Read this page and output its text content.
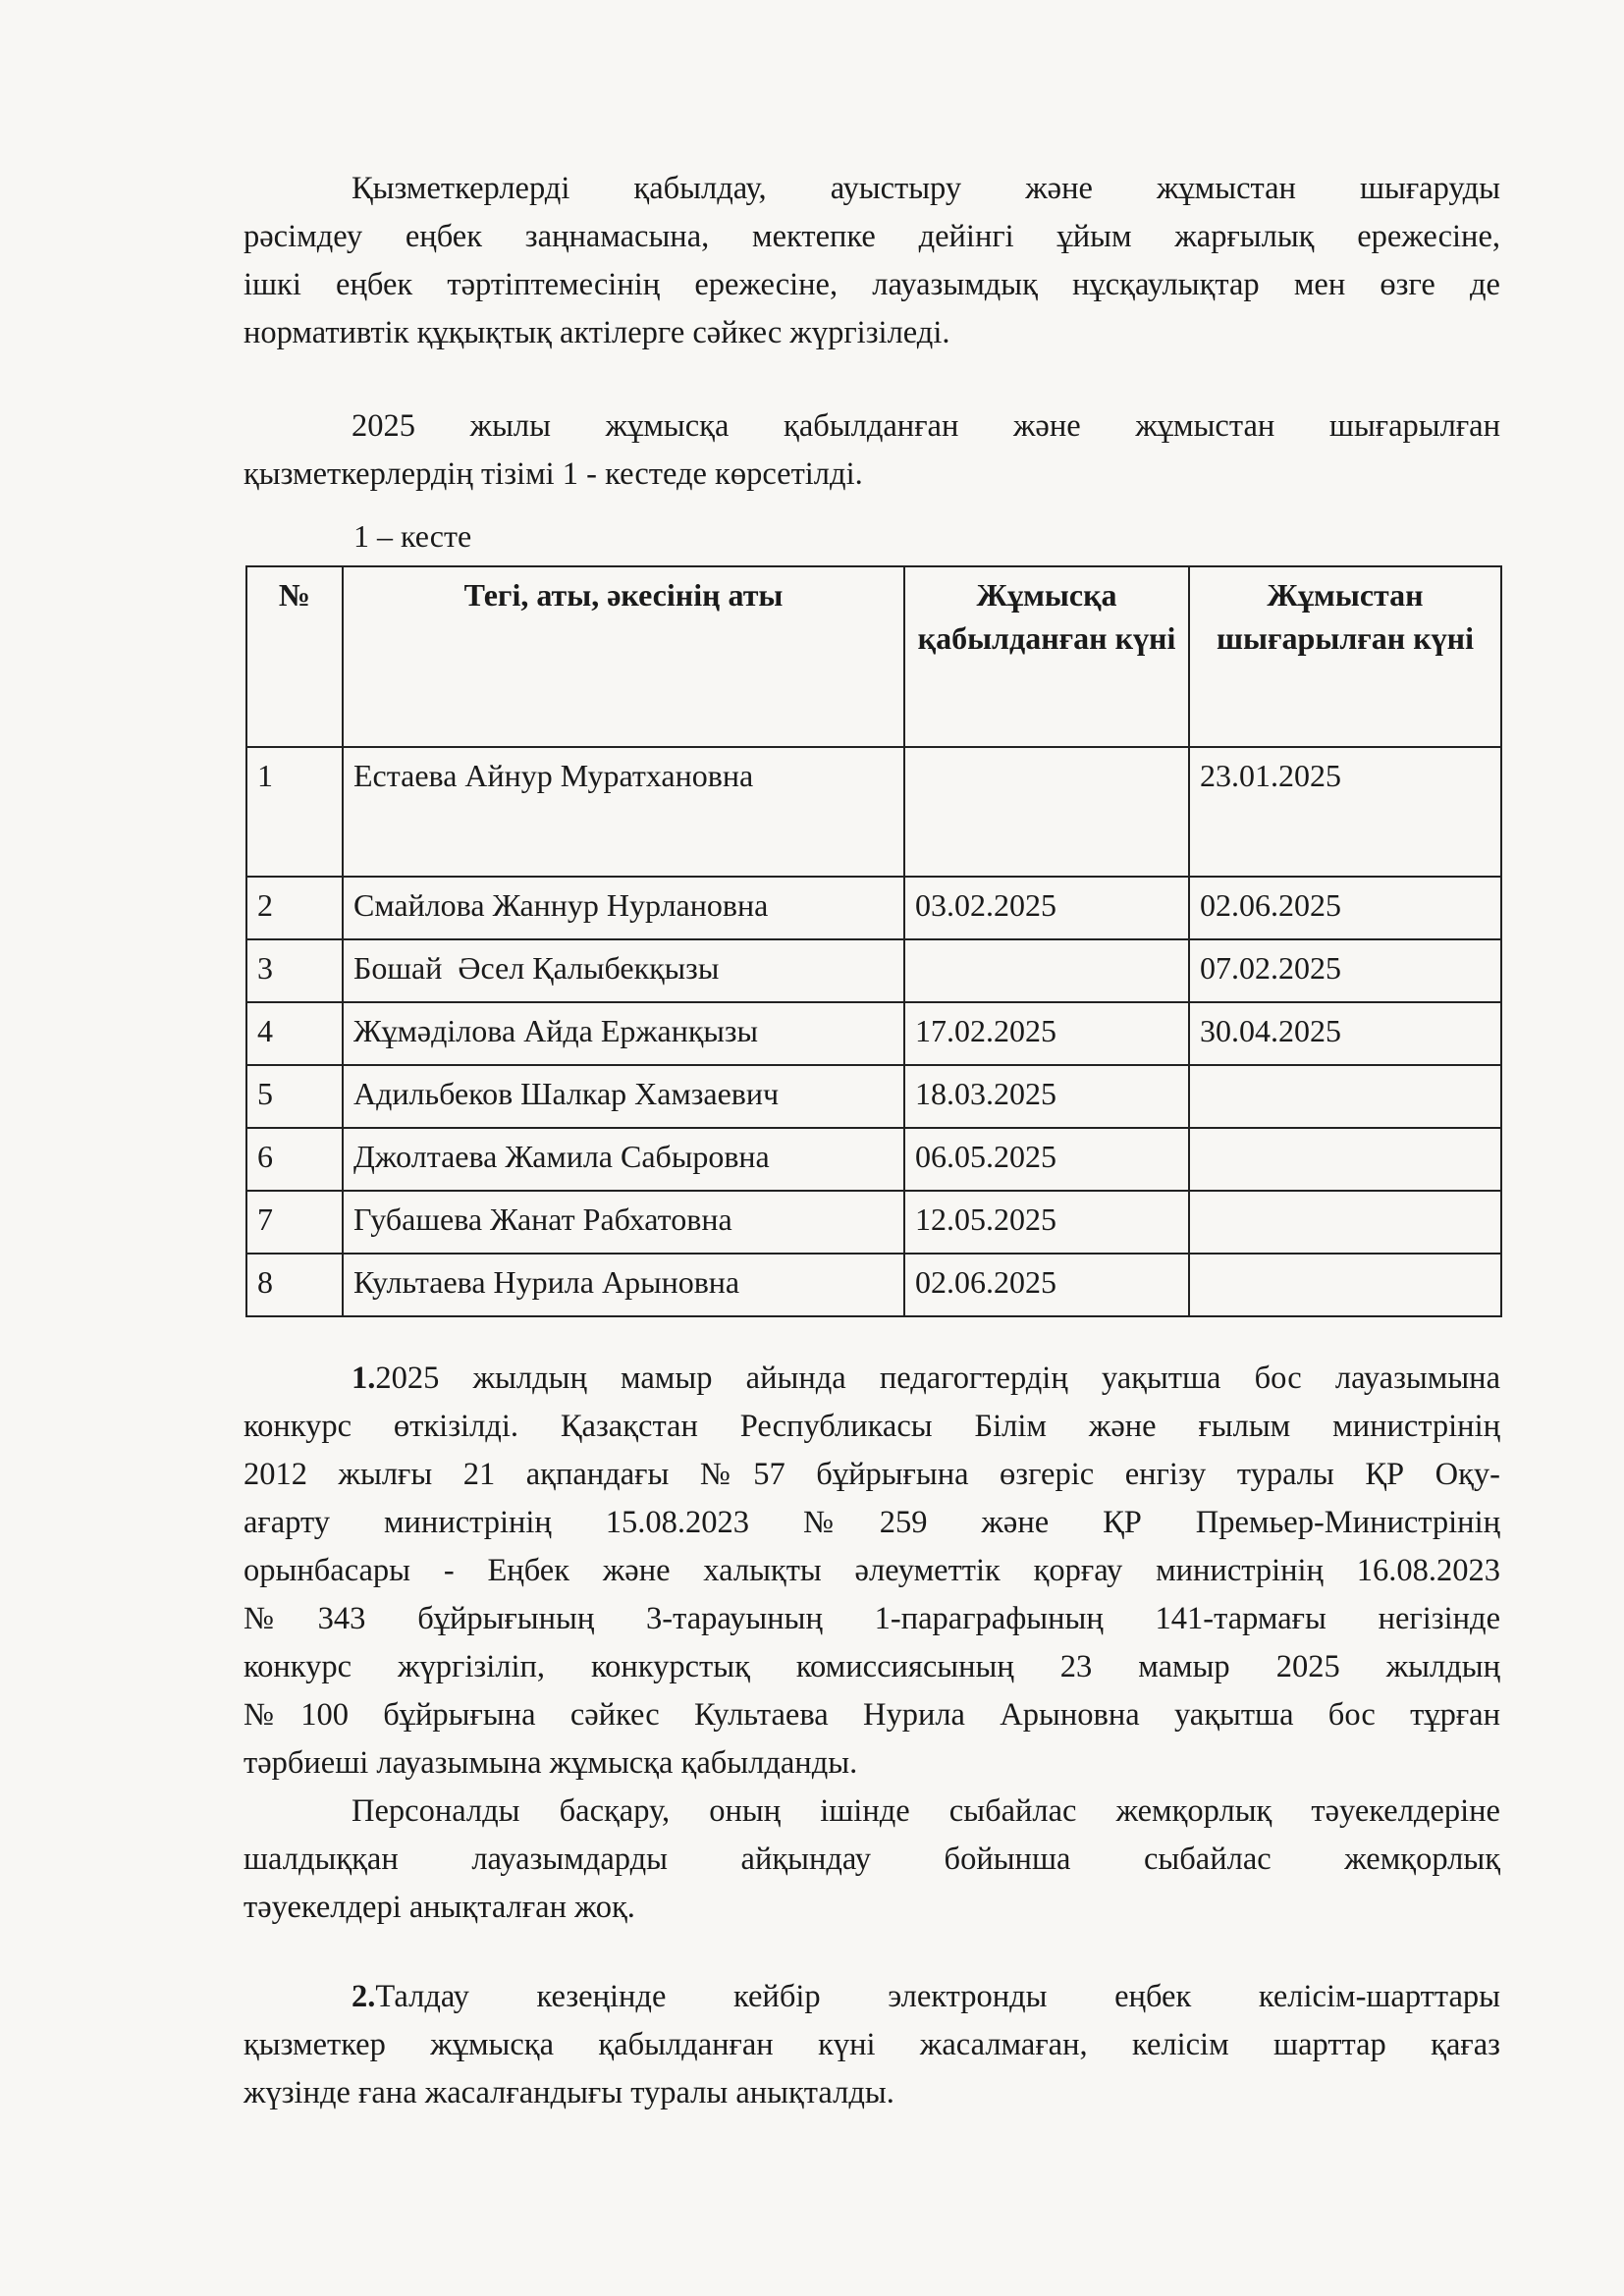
Қызметкерлерді қабылдау, ауыстыру және жұмыстан шығаруды
рәсімдеу еңбек заңнамасына, мектепке дейінгі ұйым жарғылық ережесіне,
ішкі еңбек тәртіптемесінің ережесіне, лауазымдық нұсқаулықтар мен өзге де
нормативтік құқықтық актілерге сәйкес жүргізіледі.
2025 жылы жұмысқа қабылданған және жұмыстан шығарылған
қызметкерлердің тізімі 1 - кестеде көрсетілді.
1 – кесте
№	Тегі, аты, әкесінің аты	Жұмысқа қабылданған күні	Жұмыстан шығарылған күні
1	Естаева Айнур Муратхановна		23.01.2025
2	Смайлова Жаннур Нурлановна	03.02.2025	02.06.2025
3	Бошай  Әсел Қалыбекқызы		07.02.2025
4	Жұмәділова Айда Ержанқызы	17.02.2025	30.04.2025
5	Адильбеков Шалкар Хамзаевич	18.03.2025	
6	Джолтаева Жамила Сабыровна	06.05.2025	
7	Губашева Жанат Рабхатовна	12.05.2025	
8	Культаева Нурила Арыновна	02.06.2025	
1.2025 жылдың мамыр айында педагогтердің уақытша бос лауазымына
конкурс өткізілді. Қазақстан Республикасы Білім және ғылым министрінің
2012 жылғы 21 ақпандағы №57 бұйрығына өзгеріс енгізу туралы ҚР Оқу-
ағарту министрінің 15.08.2023 №259 және ҚР Премьер-Министрінің
орынбасары - Еңбек және халықты әлеуметтік қорғау министрінің 16.08.2023
№343 бұйрығының 3-тарауының 1-параграфының 141-тармағы негізінде
конкурс жүргізіліп, конкурстық комиссиясының 23 мамыр 2025 жылдың
№100 бұйрығына сәйкес Культаева Нурила Арыновна уақытша бос тұрған
тәрбиеші лауазымына жұмысқа қабылданды.
Персоналды басқару, оның ішінде сыбайлас жемқорлық тәуекелдеріне
шалдыққан лауазымдарды айқындау бойынша сыбайлас жемқорлық
тәуекелдері анықталған жоқ.
2.Талдау кезеңінде кейбір электронды еңбек келісім-шарттары
қызметкер жұмысқа қабылданған күні жасалмаған, келісім шарттар қағаз
жүзінде ғана жасалғандығы туралы анықталды.
